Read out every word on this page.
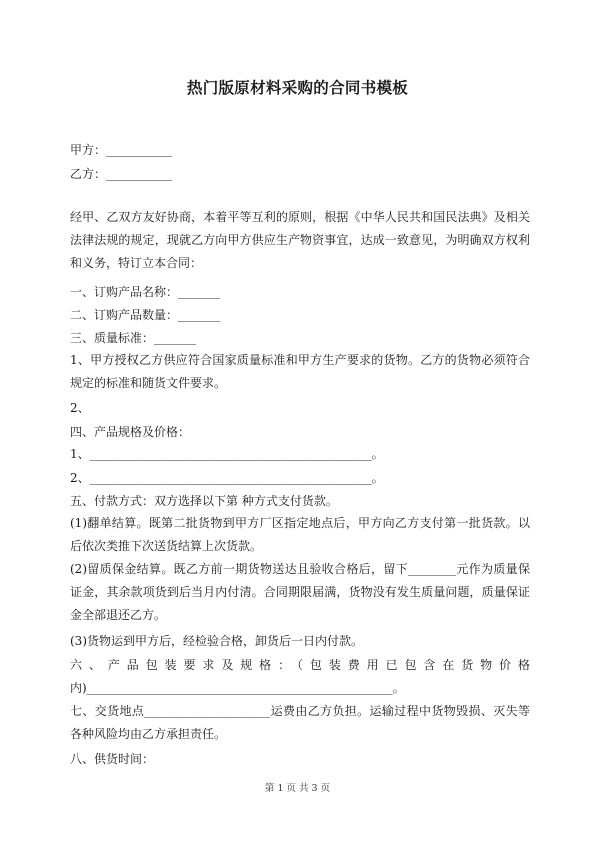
热门版原材料采购的合同书模板
甲方：___________
乙方：___________
经甲、乙双方友好协商，本着平等互利的原则，根据《中华人民共和国民法典》及相关法律法规的规定，现就乙方向甲方供应生产物资事宜，达成一致意见，为明确双方权利和义务，特订立本合同：
一、订购产品名称：_______
二、订购产品数量：_______
三、质量标准：_______
1、甲方授权乙方供应符合国家质量标准和甲方生产要求的货物。乙方的货物必须符合规定的标准和随货文件要求。
2、
四、产品规格及价格：
1、_______________________________________________。
2、_______________________________________________。
五、付款方式：双方选择以下第 种方式支付货款。
(1)翻单结算。既第二批货物到甲方厂区指定地点后，甲方向乙方支付第一批货款。以后依次类推下次送货结算上次货款。
(2)留质保金结算。既乙方前一期货物送达且验收合格后，留下________元作为质量保证金，其余款项货到后当月内付清。合同期限届满，货物没有发生质量问题，质量保证金全部退还乙方。
(3)货物运到甲方后，经检验合格，卸货后一日内付款。
六、产品包装要求及规格：（包装费用已包含在货物价格
内)___________________________________________________。
七、交货地点_____________________运费由乙方负担。运输过程中货物毁损、灭失等各种风险均由乙方承担责任。
八、供货时间：
第 1 页 共 3 页
